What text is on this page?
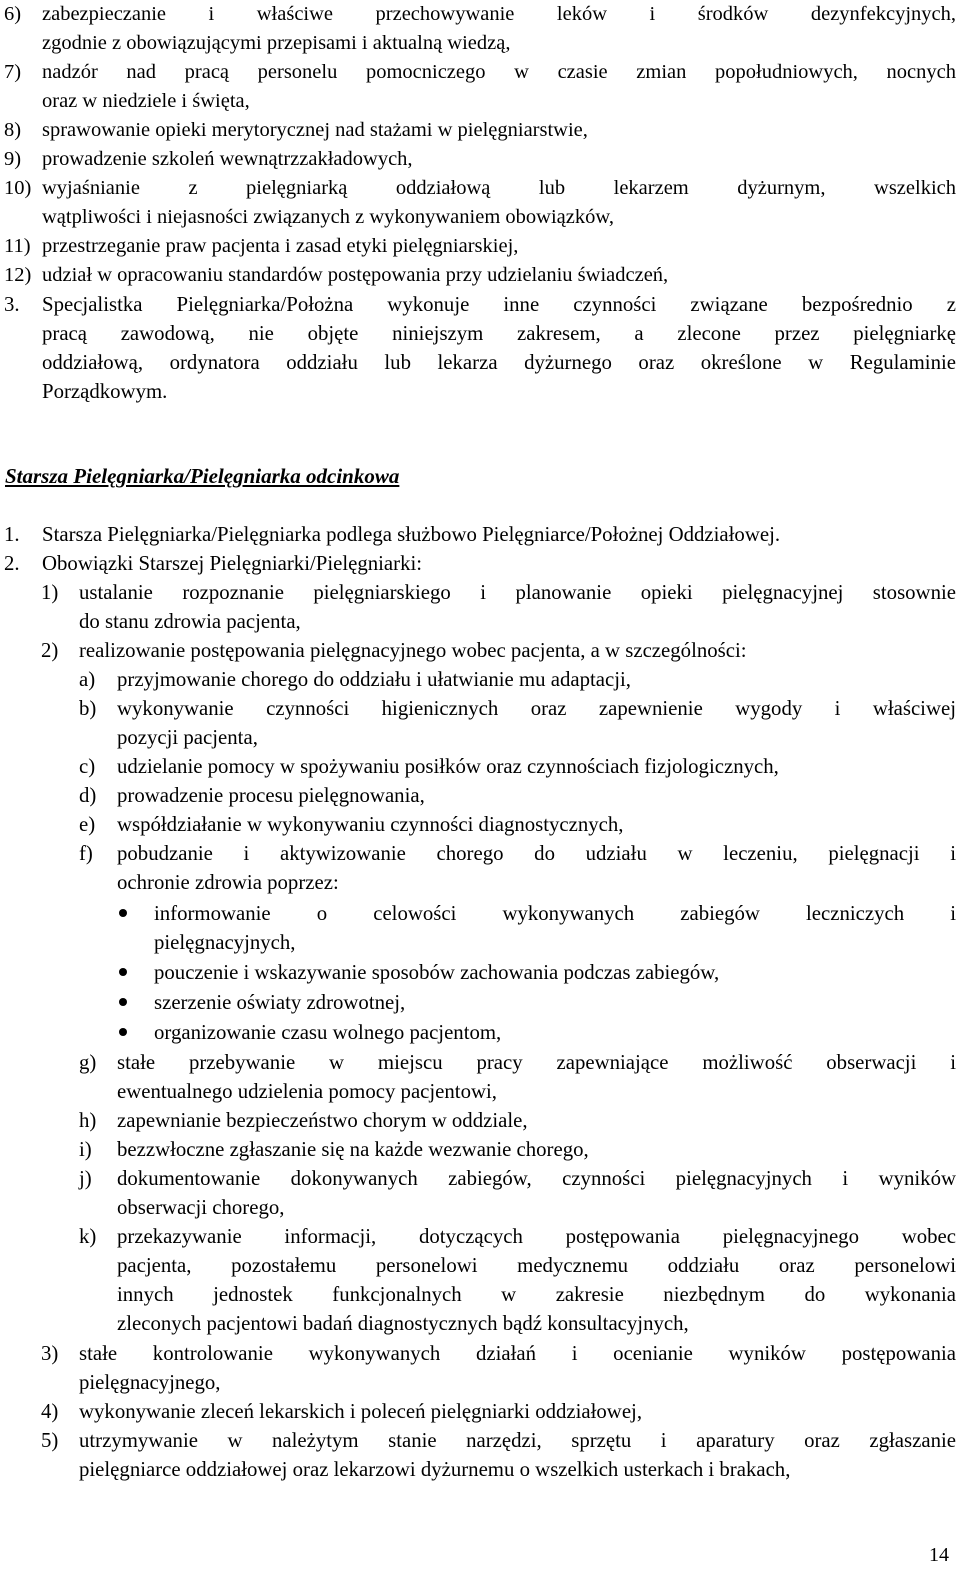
6) zabezpieczanie i właściwe przechowywanie leków i środków dezynfekcyjnych,
zgodnie z obowiązującymi przepisami i aktualną wiedzą,
7) nadzór nad pracą personelu pomocniczego w czasie zmian popołudniowych, nocnych
oraz w niedziele i święta,
8) sprawowanie opieki merytorycznej nad stażami w pielęgniarstwie,
9) prowadzenie szkoleń wewnątrzzakładowych,
10) wyjaśnianie z pielęgniarką oddziałową lub lekarzem dyżurnym, wszelkich
wątpliwości i niejasności związanych z wykonywaniem obowiązków,
11) przestrzeganie praw pacjenta i zasad etyki pielęgniarskiej,
12) udział w opracowaniu standardów postępowania przy udzielaniu świadczeń,
3. Specjalistka Pielęgniarka/Położna wykonuje inne czynności związane bezpośrednio z
pracą zawodową, nie objęte niniejszym zakresem, a zlecone przez pielęgniarkę
oddziałową, ordynatora oddziału lub lekarza dyżurnego oraz określone w Regulaminie
Porządkowym.
Starsza Pielęgniarka/Pielęgniarka odcinkowa
1. Starsza Pielęgniarka/Pielęgniarka podlega służbowo Pielęgniarce/Położnej Oddziałowej.
2. Obowiązki Starszej Pielęgniarki/Pielęgniarki:
1) ustalanie rozpoznanie pielęgniarskiego i planowanie opieki pielęgnacyjnej stosownie
do stanu zdrowia pacjenta,
2) realizowanie postępowania pielęgnacyjnego wobec pacjenta, a w szczególności:
a) przyjmowanie chorego do oddziału i ułatwianie mu adaptacji,
b) wykonywanie czynności higienicznych oraz zapewnienie wygody i właściwej
pozycji pacjenta,
c) udzielanie pomocy w spożywaniu posiłków oraz czynnościach fizjologicznych,
d) prowadzenie procesu pielęgnowania,
e) współdziałanie w wykonywaniu czynności diagnostycznych,
f) pobudzanie i aktywizowanie chorego do udziału w leczeniu, pielęgnacji i
ochronie zdrowia poprzez:
informowanie o celowości wykonywanych zabiegów leczniczych i
pielęgnacyjnych,
pouczenie i wskazywanie sposobów zachowania podczas zabiegów,
szerzenie oświaty zdrowotnej,
organizowanie czasu wolnego pacjentom,
g) stałe przebywanie w miejscu pracy zapewniające możliwość obserwacji i
ewentualnego udzielenia pomocy pacjentowi,
h) zapewnianie bezpieczeństwo chorym w oddziale,
i) bezzwłoczne zgłaszanie się na każde wezwanie chorego,
j) dokumentowanie dokonywanych zabiegów, czynności pielęgnacyjnych i wyników
obserwacji chorego,
k) przekazywanie informacji, dotyczących postępowania pielęgnacyjnego wobec
pacjenta, pozostałemu personelowi medycznemu oddziału oraz personelowi
innych jednostek funkcjonalnych w zakresie niezbędnym do wykonania
zleconych pacjentowi badań diagnostycznych bądź konsultacyjnych,
3) stałe kontrolowanie wykonywanych działań i ocenianie wyników postępowania
pielęgnacyjnego,
4) wykonywanie zleceń lekarskich i poleceń pielęgniarki oddziałowej,
5) utrzymywanie w należytym stanie narzędzi, sprzętu i aparatury oraz zgłaszanie
pielęgniarce oddziałowej oraz lekarzowi dyżurnemu o wszelkich usterkach i brakach,
14
